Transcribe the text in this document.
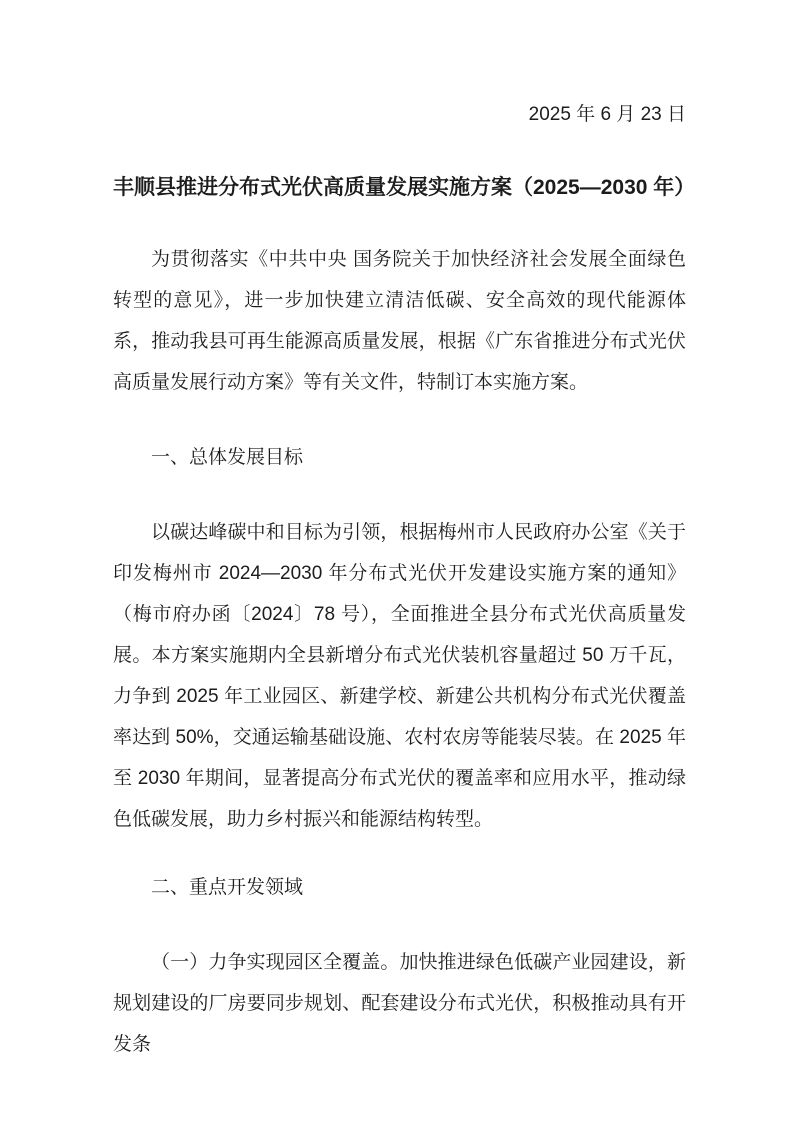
2025 年 6 月 23 日
丰顺县推进分布式光伏高质量发展实施方案（2025—2030 年）
为贯彻落实《中共中央 国务院关于加快经济社会发展全面绿色转型的意见》，进一步加快建立清洁低碳、安全高效的现代能源体系，推动我县可再生能源高质量发展，根据《广东省推进分布式光伏高质量发展行动方案》等有关文件，特制订本实施方案。
一、总体发展目标
以碳达峰碳中和目标为引领，根据梅州市人民政府办公室《关于印发梅州市 2024—2030 年分布式光伏开发建设实施方案的通知》（梅市府办函〔2024〕78 号），全面推进全县分布式光伏高质量发展。本方案实施期内全县新增分布式光伏装机容量超过 50 万千瓦，力争到 2025 年工业园区、新建学校、新建公共机构分布式光伏覆盖率达到 50%，交通运输基础设施、农村农房等能装尽装。在 2025 年至 2030 年期间，显著提高分布式光伏的覆盖率和应用水平，推动绿色低碳发展，助力乡村振兴和能源结构转型。
二、重点开发领域
（一）力争实现园区全覆盖。加快推进绿色低碳产业园建设，新规划建设的厂房要同步规划、配套建设分布式光伏，积极推动具有开发条
